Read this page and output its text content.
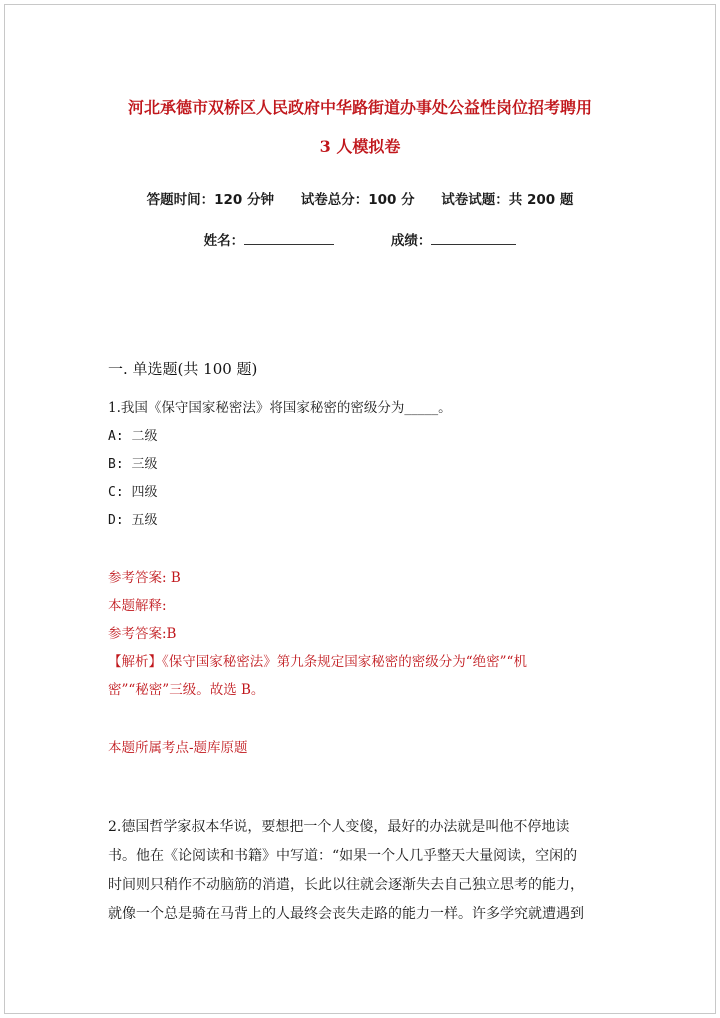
河北承德市双桥区人民政府中华路街道办事处公益性岗位招考聘用
3 人模拟卷
答题时间：120 分钟 试卷总分：100 分 试卷试题：共 200 题
姓名：	成绩：
一. 单选题(共 100 题)
1.我国《保守国家秘密法》将国家秘密的密级分为_____。
A: 二级
B: 三级
C: 四级
D: 五级
参考答案: B
本题解释:
参考答案:B
【解析】《保守国家秘密法》第九条规定国家秘密的密级分为“绝密”“机
密”“秘密”三级。故选 B。
本题所属考点-题库原题
2.德国哲学家叔本华说，要想把一个人变傻，最好的办法就是叫他不停地读
书。他在《论阅读和书籍》中写道：“如果一个人几乎整天大量阅读，空闲的
时间则只稍作不动脑筋的消遣，长此以往就会逐渐失去自己独立思考的能力，
就像一个总是骑在马背上的人最终会丧失走路的能力一样。许多学究就遭遇到
